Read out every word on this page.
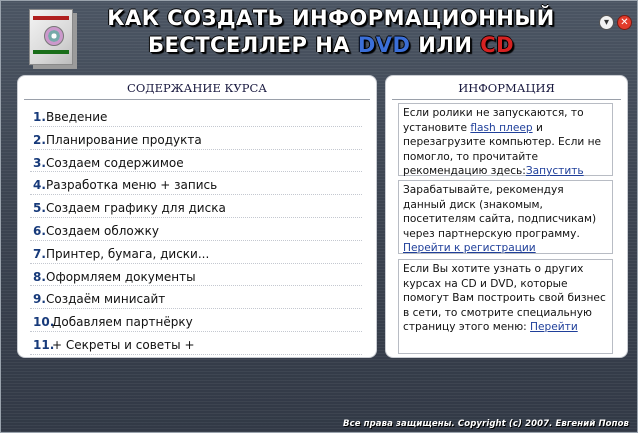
КАК СОЗДАТЬ ИНФОРМАЦИОННЫЙ
БЕСТСЕЛЛЕР НА DVD ИЛИ CD
▾	✕
СОДЕРЖАНИЕ КУРСА
1. Введение
2. Планирование продукта
3. Создаем содержимое
4. Разработка меню + запись
5. Создаем графику для диска
6. Создаем обложку
7. Принтер, бумага, диски...
8. Оформляем документы
9. Создаём минисайт
10.
Добавляем партнёрку
11.
+ Секреты и советы +
ИНФОРМАЦИЯ
Если ролики не запускаются, то установите flash плеер и перезагрузите компьютер. Если не помогло, то прочитайте рекомендацию здесь:Запустить
Зарабатывайте, рекомендуя данный диск (знакомым, посетителям сайта, подписчикам) через партнерскую программу.
Перейти к регистрации
Если Вы хотите узнать о других курсах на CD и DVD, которые помогут Вам построить свой бизнес в сети, то смотрите специальную страницу этого меню: Перейти
Все права защищены. Copyright (c) 2007. Евгений Попов
